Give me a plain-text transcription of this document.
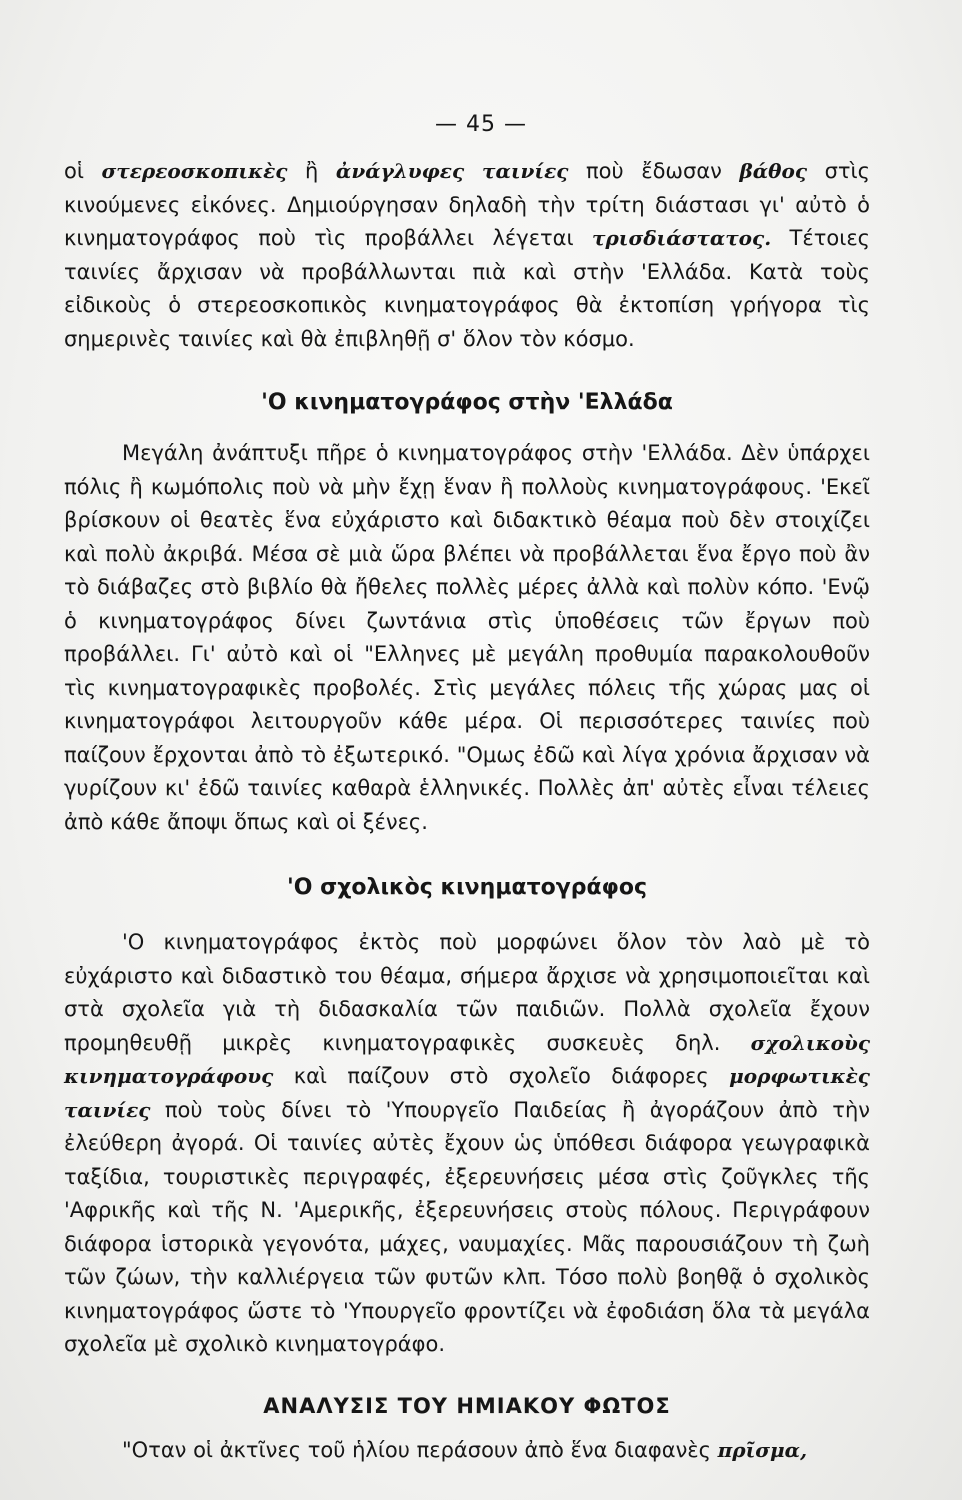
— 45 —

οἱ στερεοσκοπικὲς ἢ ἀνάγλυφες ταινίες ποὺ ἔδωσαν βάθος στὶς κινούμενες εἰκόνες. Δημιούργησαν δηλαδὴ τὴν τρίτη διάστασι γι' αὐτὸ ὁ κινηματογράφος ποὺ τὶς προβάλλει λέγεται τρισδιάστατος. Τέτοιες ταινίες ἄρχισαν νὰ προβάλλωνται πιὰ καὶ στὴν 'Ελλάδα. Κατὰ τοὺς εἰδικοὺς ὁ στερεοσκοπικὸς κινηματογράφος θὰ ἐκτοπίση γρήγορα τὶς σημερινὲς ταινίες καὶ θὰ ἐπιβληθῇ σ' ὅλον τὸν κόσμο.

'Ο κινηματογράφος στὴν 'Ελλάδα

Μεγάλη ἀνάπτυξι πῆρε ὁ κινηματογράφος στὴν 'Ελλάδα. Δὲν ὑπάρχει πόλις ἢ κωμόπολις ποὺ νὰ μὴν ἔχῃ ἕναν ἢ πολλοὺς κινηματογράφους. 'Εκεῖ βρίσκουν οἱ θεατὲς ἕνα εὐχάριστο καὶ διδακτικὸ θέαμα ποὺ δὲν στοιχίζει καὶ πολὺ ἀκριβά. Μέσα σὲ μιὰ ὥρα βλέπει νὰ προβάλλεται ἕνα ἔργο ποὺ ἂν τὸ διάβαζες στὸ βιβλίο θὰ ἤθελες πολλὲς μέρες ἀλλὰ καὶ πολὺν κόπο. 'Ενῷ ὁ κινηματογράφος δίνει ζωντάνια στὶς ὑποθέσεις τῶν ἔργων ποὺ προβάλλει. Γι' αὐτὸ καὶ οἱ "Ελληνες μὲ μεγάλη προθυμία παρακολουθοῦν τὶς κινηματογραφικὲς προβολές. Στὶς μεγάλες πόλεις τῆς χώρας μας οἱ κινηματογράφοι λειτουργοῦν κάθε μέρα. Οἱ περισσότερες ταινίες ποὺ παίζουν ἔρχονται ἀπὸ τὸ ἐξωτερικό. "Ομως ἐδῶ καὶ λίγα χρόνια ἄρχισαν νὰ γυρίζουν κι' ἐδῶ ταινίες καθαρὰ ἑλληνικές. Πολλὲς ἀπ' αὐτὲς εἶναι τέλειες ἀπὸ κάθε ἄποψι ὅπως καὶ οἱ ξένες.

'Ο σχολικὸς κινηματογράφος

'Ο κινηματογράφος ἐκτὸς ποὺ μορφώνει ὅλον τὸν λαὸ μὲ τὸ εὐχάριστο καὶ διδαστικὸ του θέαμα, σήμερα ἄρχισε νὰ χρησιμοποιεῖται καὶ στὰ σχολεῖα γιὰ τὴ διδασκαλία τῶν παιδιῶν. Πολλὰ σχολεῖα ἔχουν προμηθευθῇ μικρὲς κινηματογραφικὲς συσκευὲς δηλ. σχολικοὺς κινηματογράφους καὶ παίζουν στὸ σχολεῖο διάφορες μορφωτικὲς ταινίες ποὺ τοὺς δίνει τὸ 'Υπουργεῖο Παιδείας ἢ ἀγοράζουν ἀπὸ τὴν ἐλεύθερη ἀγορά. Οἱ ταινίες αὐτὲς ἔχουν ὡς ὑπόθεσι διάφορα γεωγραφικὰ ταξίδια, τουριστικὲς περιγραφές, ἐξερευνήσεις μέσα στὶς ζοῦγκλες τῆς 'Αφρικῆς καὶ τῆς Ν. 'Αμερικῆς, ἐξερευνήσεις στοὺς πόλους. Περιγράφουν διάφορα ἱστορικὰ γεγονότα, μάχες, ναυμαχίες. Μᾶς παρουσιάζουν τὴ ζωὴ τῶν ζώων, τὴν καλλιέργεια τῶν φυτῶν κλπ. Τόσο πολὺ βοηθᾷ ὁ σχολικὸς κινηματογράφος ὥστε τὸ 'Υπουργεῖο φροντίζει νὰ ἐφοδιάση ὅλα τὰ μεγάλα σχολεῖα μὲ σχολικὸ κινηματογράφο.

ΑΝΑΛΥΣΙΣ ΤΟΥ ΗΜΙΑΚΟΥ ΦΩΤΟΣ

"Οταν οἱ ἀκτῖνες τοῦ ἡλίου περάσουν ἀπὸ ἕνα διαφανὲς πρῖσμα,
